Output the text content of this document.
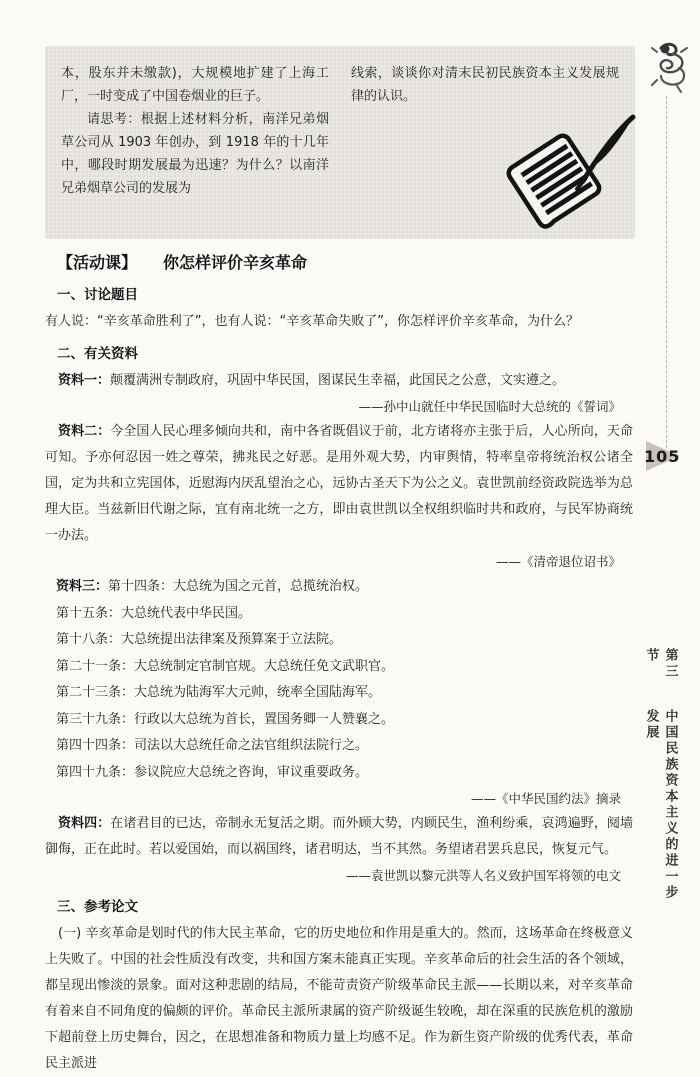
本，股东并未缴款)，大规模地扩建了上海工厂，一时变成了中国卷烟业的巨子。

请思考：根据上述材料分析，南洋兄弟烟草公司从 1903 年创办，到 1918 年的十几年中，哪段时期发展最为迅速？为什么？以南洋兄弟烟草公司的发展为

线索，谈谈你对清末民初民族资本主义发展规律的认识。

105
第三节
中国民族资本主义的进一步发展
【活动课】 你怎样评价辛亥革命
一、讨论题目

有人说：“辛亥革命胜利了”，也有人说：“辛亥革命失败了”，你怎样评价辛亥革命，为什么？

二、有关资料

资料一：颠覆满洲专制政府，巩固中华民国，图谋民生幸福，此国民之公意，文实遵之。

——孙中山就任中华民国临时大总统的《誓词》

资料二：今全国人民心理多倾向共和，南中各省既倡议于前，北方诸将亦主张于后，人心所向，天命可知。予亦何忍因一姓之尊荣，拂兆民之好恶。是用外观大势，内审舆情，特率皇帝将统治权公诸全国，定为共和立宪国体，近慰海内厌乱望治之心，远协古圣天下为公之义。袁世凯前经资政院选举为总理大臣。当兹新旧代谢之际，宜有南北统一之方，即由袁世凯以全权组织临时共和政府，与民军协商统一办法。

——《清帝退位诏书》

资料三：第十四条：大总统为国之元首，总揽统治权。
第十五条：大总统代表中华民国。
第十八条：大总统提出法律案及预算案于立法院。
第二十一条：大总统制定官制官规。大总统任免文武职官。
第二十三条：大总统为陆海军大元帅，统率全国陆海军。
第三十九条：行政以大总统为首长，置国务卿一人赞襄之。
第四十四条：司法以大总统任命之法官组织法院行之。
第四十九条：参议院应大总统之咨询，审议重要政务。

——《中华民国约法》摘录

资料四：在诸君目的已达，帝制永无复活之期。而外顾大势，内顾民生，渔利纷乘，哀鸿遍野，阋墙御侮，正在此时。若以爱国始，而以祸国终，诸君明达，当不其然。务望诸君罢兵息民，恢复元气。

——袁世凯以黎元洪等人名义致护国军将领的电文

三、参考论文

(一) 辛亥革命是划时代的伟大民主革命，它的历史地位和作用是重大的。然而，这场革命在终极意义上失败了。中国的社会性质没有改变，共和国方案未能真正实现。辛亥革命后的社会生活的各个领域，都呈现出惨淡的景象。面对这种悲剧的结局，不能苛责资产阶级革命民主派——长期以来，对辛亥革命有着来自不同角度的偏颇的评价。革命民主派所隶属的资产阶级诞生较晚，却在深重的民族危机的激励下超前登上历史舞台，因之，在思想准备和物质力量上均感不足。作为新生资产阶级的优秀代表，革命民主派进
